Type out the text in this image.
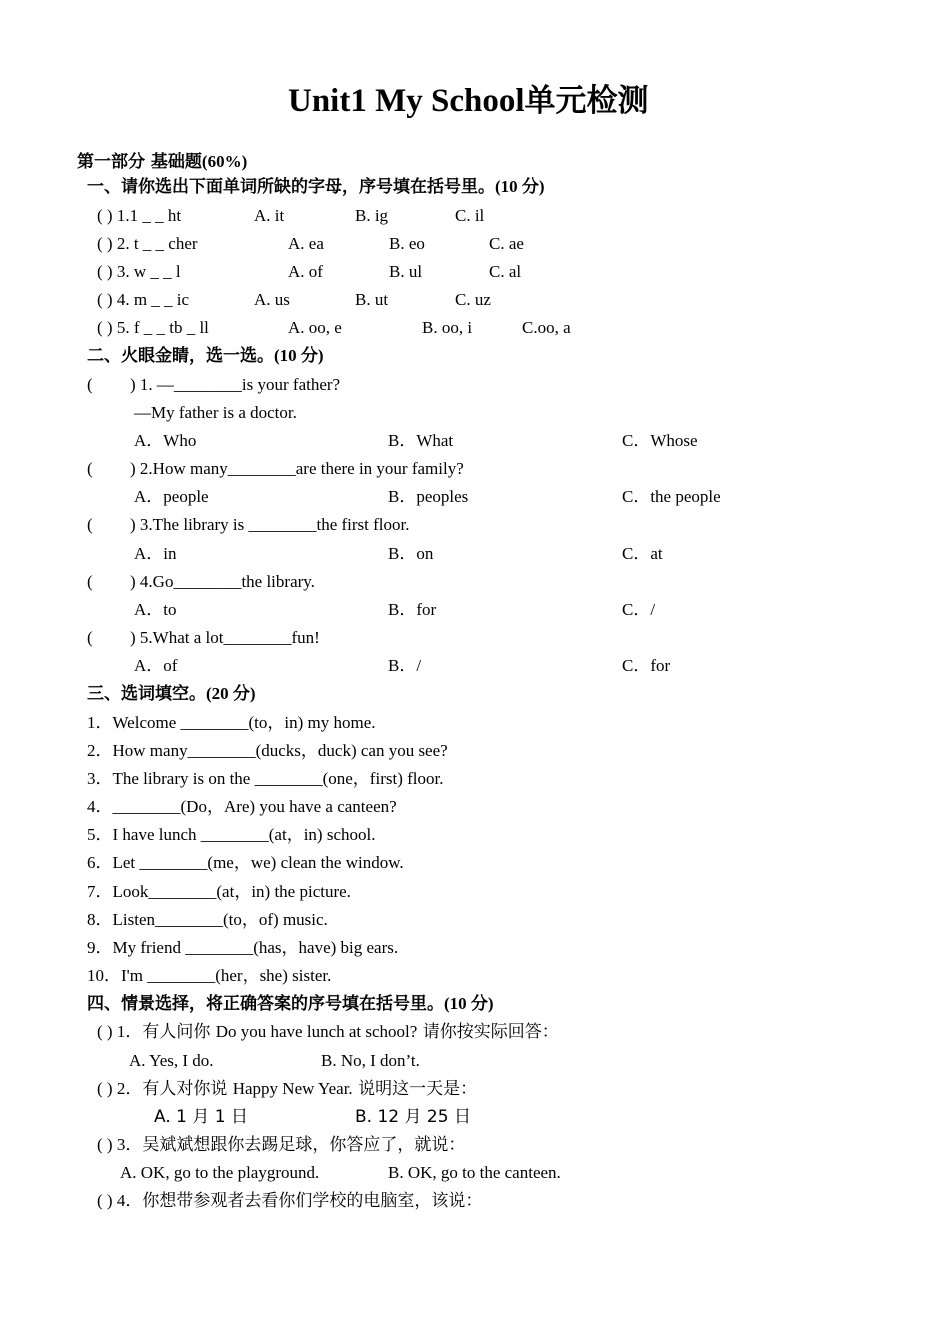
Unit1 My School单元检测
第一部分 基础题(60%)
一、请你选出下面单词所缺的字母，序号填在括号里。(10 分)
( ) 1.1 _ _ ht	A. it	B. ig	C. il
( ) 2. t _ _ cher	A. ea	B. eo	C. ae
( ) 3. w _ _ l	A. of	B. ul	C. al
( ) 4. m _ _ ic	A. us	B. ut	C. uz
( ) 5. f _ _ tb _ ll	A. oo, e	B. oo, i	C.oo, a
二、火眼金睛，选一选。(10 分)
( ) 1. —________is your father?
—My father is a doctor.
A．Who	B．What	C．Whose
( ) 2.How many________are there in your family?
A．people	B．peoples	C．the people
( ) 3.The library is ________the first floor.
A．in	B．on	C．at
( ) 4.Go________the library.
A．to	B．for	C．/
( ) 5.What a lot________fun!
A．of	B．/	C．for
三、选词填空。(20 分)
1．Welcome ________(to，in) my home.
2．How many________(ducks，duck) can you see?
3．The library is on the ________(one，first) floor.
4．________(Do，Are) you have a canteen?
5．I have lunch ________(at，in) school.
6．Let ________(me，we) clean the window.
7．Look________(at，in) the picture.
8．Listen________(to，of) music.
9．My friend ________(has，have) big ears.
10．I'm ________(her，she) sister.
四、情景选择，将正确答案的序号填在括号里。(10 分)
( ) 1．有人问你 Do you have lunch at school? 请你按实际回答：
A. Yes, I do.	B. No, I don’t.
( ) 2．有人对你说 Happy New Year. 说明这一天是：
A. 1 月 1 日	B. 12 月 25 日
( ) 3．吴斌斌想跟你去踢足球，你答应了，就说：
A. OK, go to the playground.	B. OK, go to the canteen.
( ) 4．你想带参观者去看你们学校的电脑室，该说：
